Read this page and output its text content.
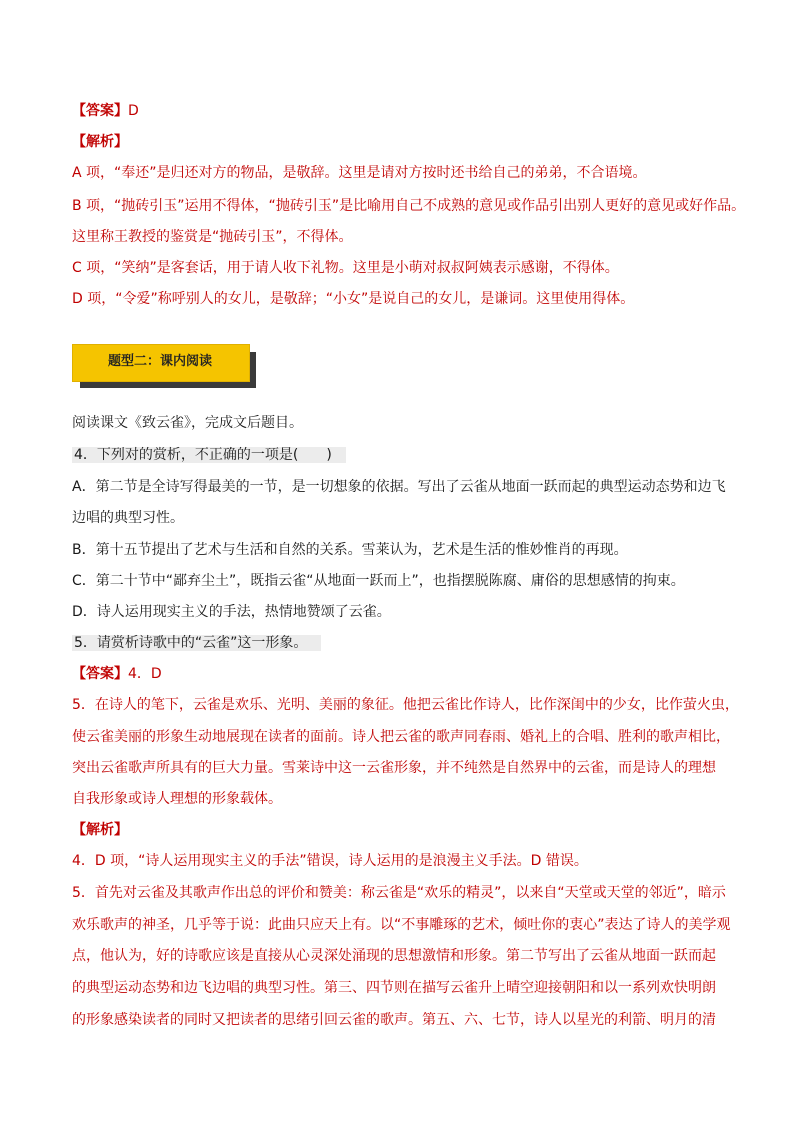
【答案】D
【解析】
A 项，“奉还”是归还对方的物品，是敬辞。这里是请对方按时还书给自己的弟弟，不合语境。
B 项，“抛砖引玉”运用不得体，“抛砖引玉”是比喻用自己不成熟的意见或作品引出别人更好的意见或好作品。
这里称王教授的鉴赏是“抛砖引玉”，不得体。
C 项，“笑纳”是客套话，用于请人收下礼物。这里是小萌对叔叔阿姨表示感谢，不得体。
D 项，“令爱”称呼别人的女儿，是敬辞；“小女”是说自己的女儿，是谦词。这里使用得体。
题型二：课内阅读
阅读课文《致云雀》，完成文后题目。
4．下列对的赏析，不正确的一项是( )
A．第二节是全诗写得最美的一节，是一切想象的依据。写出了云雀从地面一跃而起的典型运动态势和边飞
边唱的典型习性。
B．第十五节提出了艺术与生活和自然的关系。雪莱认为，艺术是生活的惟妙惟肖的再现。
C．第二十节中“鄙弃尘土”，既指云雀“从地面一跃而上”，也指摆脱陈腐、庸俗的思想感情的拘束。
D．诗人运用现实主义的手法，热情地赞颂了云雀。
5．请赏析诗歌中的“云雀”这一形象。
【答案】4．D
5．在诗人的笔下，云雀是欢乐、光明、美丽的象征。他把云雀比作诗人，比作深闺中的少女，比作萤火虫，
使云雀美丽的形象生动地展现在读者的面前。诗人把云雀的歌声同春雨、婚礼上的合唱、胜利的歌声相比，
突出云雀歌声所具有的巨大力量。雪莱诗中这一云雀形象，并不纯然是自然界中的云雀，而是诗人的理想
自我形象或诗人理想的形象载体。
【解析】
4．D 项，“诗人运用现实主义的手法”错误，诗人运用的是浪漫主义手法。D 错误。
5．首先对云雀及其歌声作出总的评价和赞美：称云雀是“欢乐的精灵”，以来自“天堂或天堂的邻近”，暗示
欢乐歌声的神圣，几乎等于说：此曲只应天上有。以“不事雕琢的艺术，倾吐你的衷心”表达了诗人的美学观
点，他认为，好的诗歌应该是直接从心灵深处涌现的思想激情和形象。第二节写出了云雀从地面一跃而起
的典型运动态势和边飞边唱的典型习性。第三、四节则在描写云雀升上晴空迎接朝阳和以一系列欢快明朗
的形象感染读者的同时又把读者的思绪引回云雀的歌声。第五、六、七节，诗人以星光的利箭、明月的清
